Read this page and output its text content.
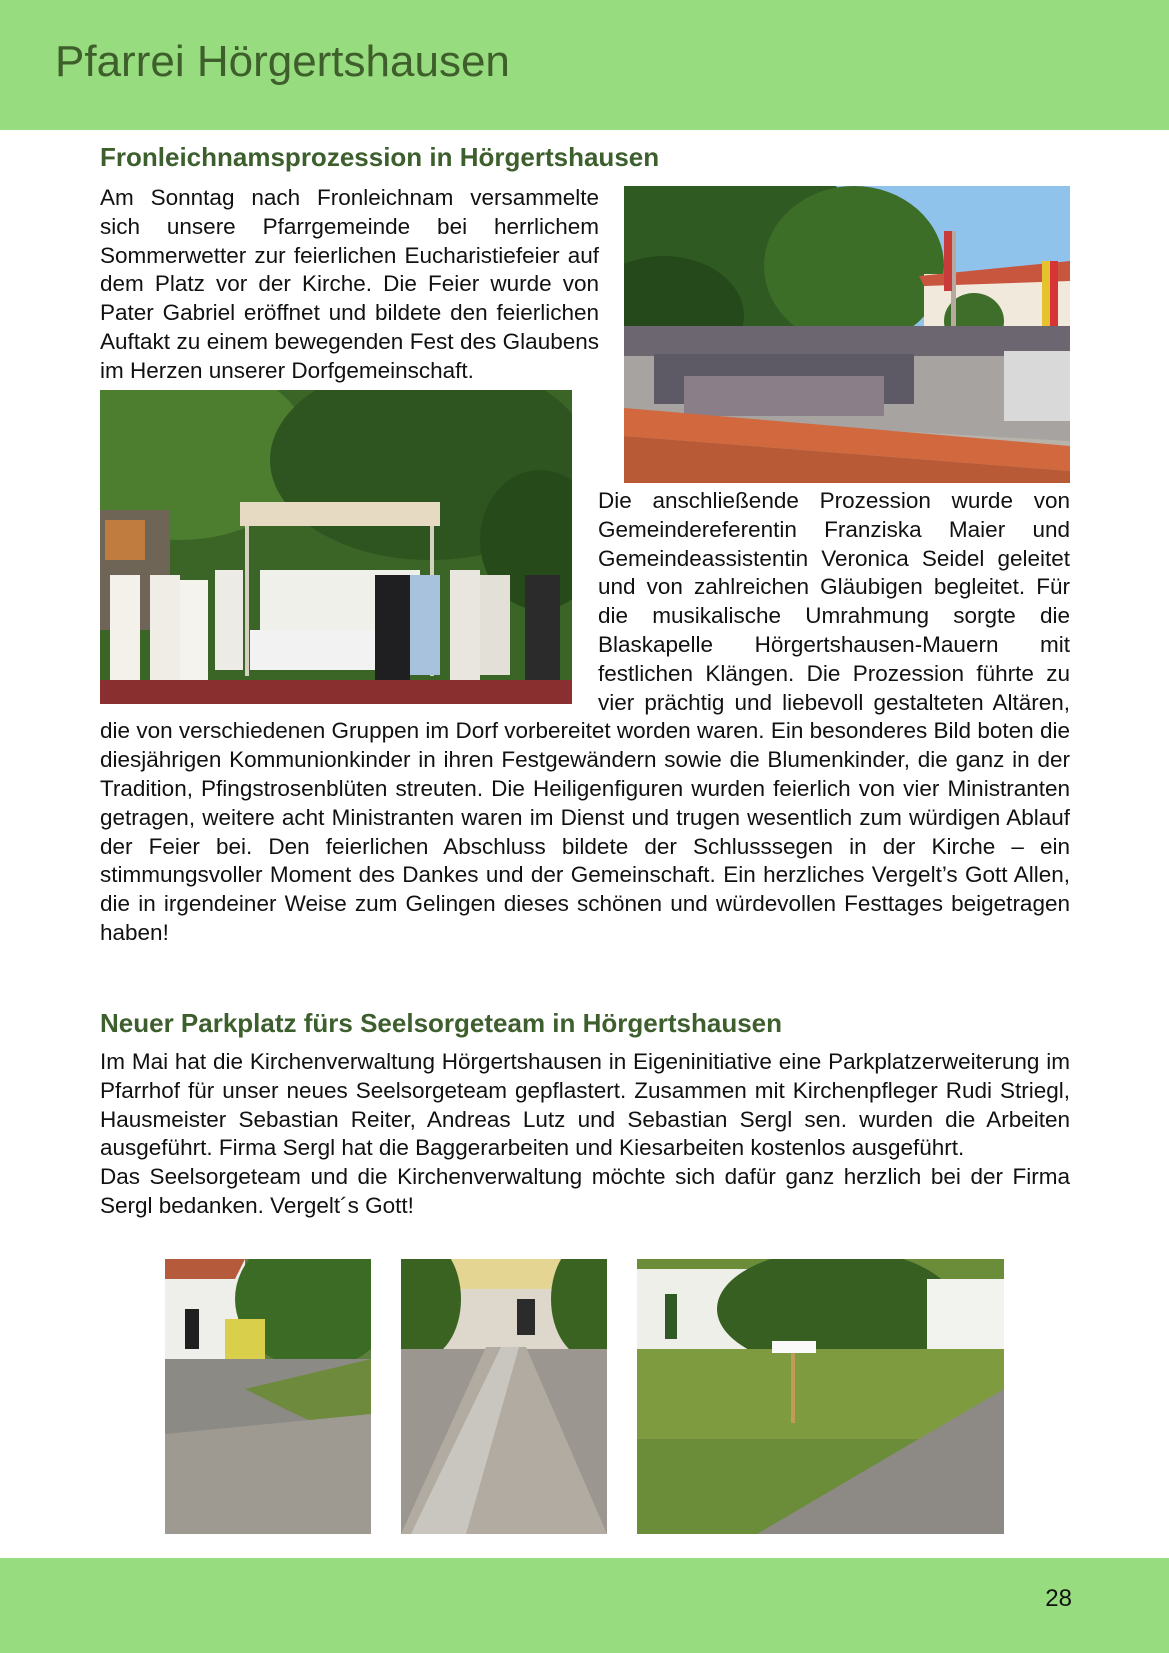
Pfarrei Hörgertshausen
Fronleichnamsprozession in Hörgertshausen

Am Sonntag nach Fronleichnam versammelte sich unsere Pfarrgemeinde bei herrlichem Sommerwetter zur feierlichen Eucharistiefeier auf dem Platz vor der Kirche. Die Feier wurde von Pater Gabriel eröffnet und bildete den feierlichen Auftakt zu einem bewegenden Fest des Glaubens im Herzen unserer Dorfgemeinschaft.

Die anschließende Prozession wurde von Gemeindereferentin Franziska Maier und Gemeindeassistentin Veronica Seidel geleitet und von zahlreichen Gläubigen begleitet. Für die musikalische Umrahmung sorgte die Blaskapelle Hörgertshausen-Mauern mit festlichen Klängen. Die Prozession führte zu vier prächtig und liebevoll gestalteten Altären, die von verschiedenen Gruppen im Dorf vorbereitet worden waren. Ein besonderes Bild boten die diesjährigen Kommunionkinder in ihren Festgewändern sowie die Blumenkinder, die ganz in der Tradition, Pfingstrosenblüten streuten. Die Heiligenfiguren wurden feierlich von vier Ministranten getragen, weitere acht Ministranten waren im Dienst und trugen wesentlich zum würdigen Ablauf der Feier bei. Den feierlichen Abschluss bildete der Schlusssegen in der Kirche – ein stimmungsvoller Moment des Dankes und der Gemeinschaft. Ein herzliches Vergelt’s Gott Allen, die in irgendeiner Weise zum Gelingen dieses schönen und würdevollen Festtages beigetragen haben!

Neuer Parkplatz fürs Seelsorgeteam in Hörgertshausen

Im Mai hat die Kirchenverwaltung Hörgertshausen in Eigeninitiative eine Parkplatzerweiterung im Pfarrhof für unser neues Seelsorgeteam gepflastert. Zusammen mit Kirchenpfleger Rudi Striegl, Hausmeister Sebastian Reiter, Andreas Lutz und Sebastian Sergl sen. wurden die Arbeiten ausgeführt. Firma Sergl hat die Baggerarbeiten und Kiesarbeiten kostenlos ausgeführt.

Das Seelsorgeteam und die Kirchenverwaltung möchte sich dafür ganz herzlich bei der Firma Sergl bedanken. Vergelt´s Gott!

28
